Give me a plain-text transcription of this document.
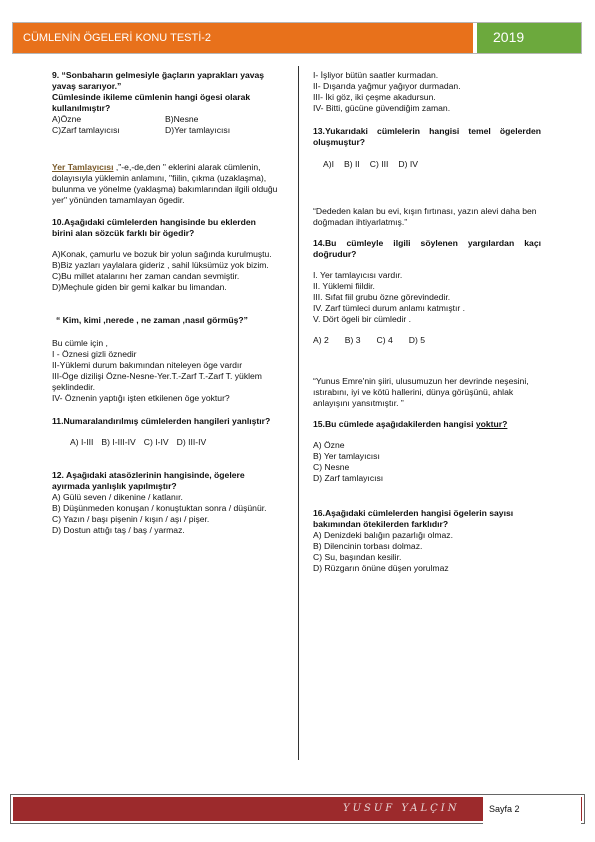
CÜMLENİN ÖGELERİ KONU TESTİ-2	2019
9. “Sonbaharın gelmesiyle ğaçların yaprakları yavaş yavaş sararıyor.”
Cümlesinde ikileme cümlenin hangi ögesi olarak kullanılmıştır?
A)Özne	B)Nesne
C)Zarf tamlayıcısı	D)Yer tamlayıcısı
Yer Tamlayıcısı ,"-e,-de,den " eklerini alarak cümlenin, dolayısıyla yüklemin anlamını, "fiilin, çıkma (uzaklaşma), bulunma ve yönelme (yaklaşma) bakımlarından ilgili olduğu yer" yönünden tamamlayan ögedir.
10.Aşağıdaki cümlelerden hangisinde bu eklerden birini alan sözcük farklı bir ögedir?
A)Konak, çamurlu ve bozuk bir yolun sağında kurulmuştu.
B)Biz yazları yaylalara gideriz , sahil lüksümüz yok bizim.
C)Bu millet atalarını her zaman candan sevmiştir.
D)Meçhule giden bir gemi kalkar bu limandan.
“ Kim, kimi ,nerede , ne zaman ,nasıl görmüş?”
Bu cümle için ,
I - Öznesi gizli öznedir
II-Yüklemi durum bakımından niteleyen öge vardır
III-Öge dizilişi Özne-Nesne-Yer.T.-Zarf T.-Zarf T. yüklem şeklindedir.
IV- Öznenin yaptığı işten etkilenen öge yoktur?
11.Numaralandırılmış cümlelerden hangileri yanlıştır?
A) I-III B) I-III-IV C) I-IV D) III-IV
12. Aşağıdaki atasözlerinin hangisinde, ögelere ayırmada yanlışlık yapılmıştır?
A) Gülü seven / dikenine / katlanır.
B) Düşünmeden konuşan / konuştuktan sonra / düşünür.
C) Yazın / başı pişenin / kışın / aşı / pişer.
D) Dostun attığı taş / baş / yarmaz.
I- İşliyor bütün saatler kurmadan.
II- Dışarıda yağmur yağıyor durmadan.
III- İki göz, iki çeşme akadursun.
IV- Bitti, gücüne güvendiğim zaman.
13.Yukarıdaki cümlelerin hangisi temel ögelerden oluşmuştur?
A)I B) II C) III D) IV
“Dededen kalan bu evi, kışın fırtınası, yazın alevi daha ben doğmadan ihtiyarlatmış.”
14.Bu cümleyle ilgili söylenen yargılardan kaçı doğrudur?
I. Yer tamlayıcısı vardır.
II. Yüklemi fiildir.
III. Sıfat fiil grubu özne görevindedir.
IV. Zarf tümleci durum anlamı katmıştır .
V. Dört ögeli bir cümledir .
A) 2 B) 3 C) 4 D) 5
“Yunus Emre'nin şiiri, ulusumuzun her devrinde neşesini, ıstırabını, iyi ve kötü hallerini, dünya görüşünü, ahlak anlayışını yansıtmıştır. ”
15.Bu cümlede aşağıdakilerden hangisi yoktur?
A) Özne
B) Yer tamlayıcısı
C) Nesne
D) Zarf tamlayıcısı
16.Aşağıdaki cümlelerden hangisi ögelerin sayısı bakımından ötekilerden farklıdır?
A) Denizdeki balığın pazarlığı olmaz.
B) Dilencinin torbası dolmaz.
C) Su, başından kesilir.
D) Rüzgarın önüne düşen yorulmaz
YUSUF YALÇIN	Sayfa 2
